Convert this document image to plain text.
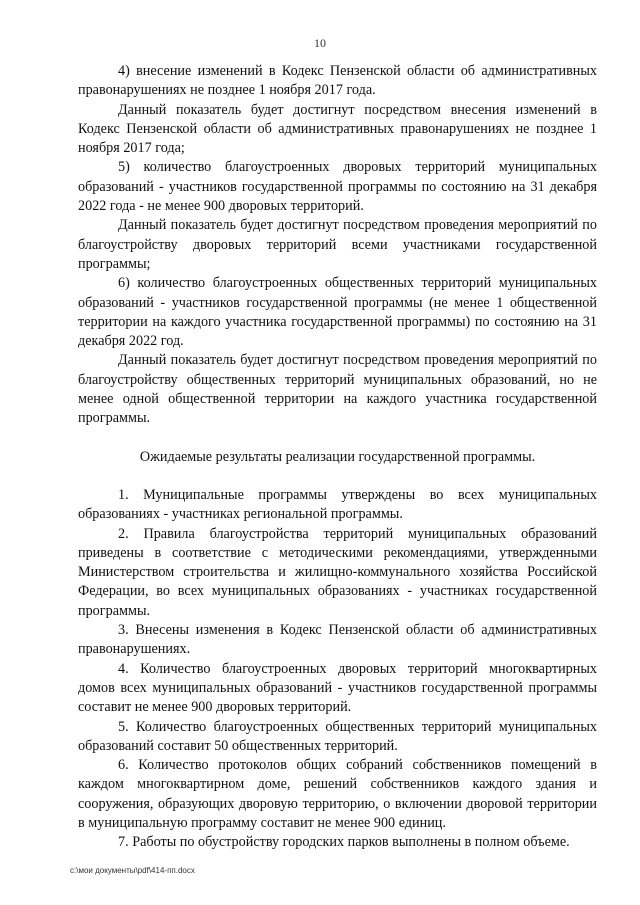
10

4) внесение изменений в Кодекс Пензенской области об административных правонарушениях не позднее 1 ноября 2017 года.

Данный показатель будет достигнут посредством внесения изменений в Кодекс Пензенской области об административных правонарушениях не позднее 1 ноября 2017 года;

5) количество благоустроенных дворовых территорий муниципальных образований - участников государственной программы по состоянию на 31 декабря 2022 года - не менее 900 дворовых территорий.

Данный показатель будет достигнут посредством проведения мероприятий по благоустройству дворовых территорий всеми участниками государственной программы;

6) количество благоустроенных общественных территорий муниципальных образований - участников государственной программы (не менее 1 общественной территории на каждого участника государственной программы) по состоянию на 31 декабря 2022 год.

Данный показатель будет достигнут посредством проведения мероприятий по благоустройству общественных территорий муниципальных образований, но не менее одной общественной территории на каждого участника государственной программы.

Ожидаемые результаты реализации государственной программы.

1. Муниципальные программы утверждены во всех муниципальных образованиях - участниках региональной программы.

2. Правила благоустройства территорий муниципальных образований приведены в соответствие с методическими рекомендациями, утвержденными Министерством строительства и жилищно-коммунального хозяйства Российской Федерации, во всех муниципальных образованиях - участниках государственной программы.

3. Внесены изменения в Кодекс Пензенской области об административных правонарушениях.

4. Количество благоустроенных дворовых территорий многоквартирных домов всех муниципальных образований - участников государственной программы составит не менее 900 дворовых территорий.

5. Количество благоустроенных общественных территорий муниципальных образований составит 50 общественных территорий.

6. Количество протоколов общих собраний собственников помещений в каждом многоквартирном доме, решений собственников каждого здания и сооружения, образующих дворовую территорию, о включении дворовой территории в муниципальную программу составит не менее 900 единиц.

7. Работы по обустройству городских парков выполнены в полном объеме.

c:\мои документы\pdf\414-пп.docx
